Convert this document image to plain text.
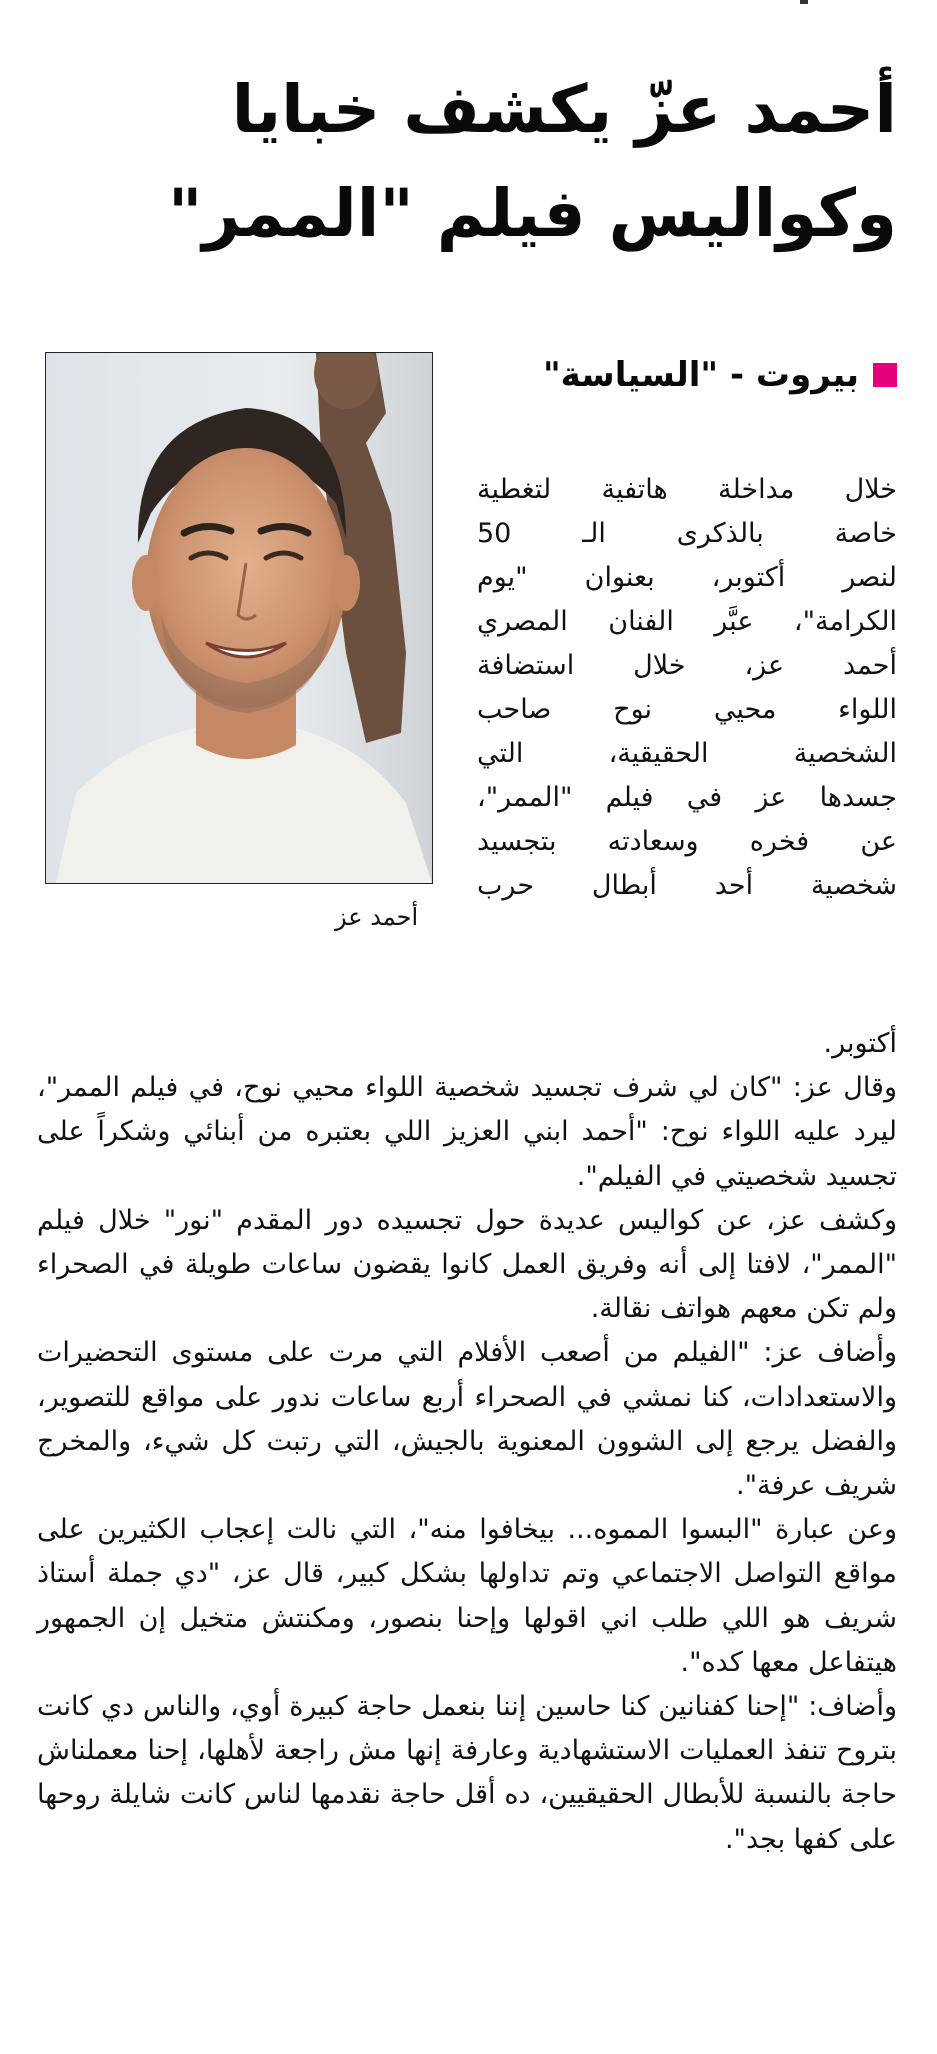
أحمد عزّ يكشف خبايا وكواليس فيلم "الممر"
بيروت - "السياسة"
أحمد عز
خلال مداخلة هاتفية لتغطية
خاصة بالذكرى الـ 50
لنصر أكتوبر، بعنوان "يوم
الكرامة"، عبَّر الفنان المصري
أحمد عز، خلال استضافة
اللواء محيي نوح صاحب
الشخصية الحقيقية، التي
جسدها عز في فيلم "الممر"،
عن فخره وسعادته بتجسيد
شخصية أحد أبطال حرب

أكتوبر.

وقال عز: "كان لي شرف تجسيد شخصية اللواء محيي نوح، في فيلم الممر"، ليرد عليه اللواء نوح: "أحمد ابني العزيز اللي بعتبره من أبنائي وشكراً على تجسيد شخصيتي في الفيلم".

وكشف عز، عن كواليس عديدة حول تجسيده دور المقدم "نور" خلال فيلم "الممر"، لافتا إلى أنه وفريق العمل كانوا يقضون ساعات طويلة في الصحراء ولم تكن معهم هواتف نقالة.

وأضاف عز: "الفيلم من أصعب الأفلام التي مرت على مستوى التحضيرات والاستعدادات، كنا نمشي في الصحراء أربع ساعات ندور على مواقع للتصوير، والفضل يرجع إلى الشوون المعنوية بالجيش، التي رتبت كل شيء، والمخرج شريف عرفة".

وعن عبارة "البسوا المموه... بيخافوا منه"، التي نالت إعجاب الكثيرين على مواقع التواصل الاجتماعي وتم تداولها بشكل كبير، قال عز، "دي جملة أستاذ شريف هو اللي طلب اني اقولها وإحنا بنصور، ومكنتش متخيل إن الجمهور هيتفاعل معها كده".

وأضاف: "إحنا كفنانين كنا حاسين إننا بنعمل حاجة كبيرة أوي، والناس دي كانت بتروح تنفذ العمليات الاستشهادية وعارفة إنها مش راجعة لأهلها، إحنا معملناش حاجة بالنسبة للأبطال الحقيقيين، ده أقل حاجة نقدمها لناس كانت شايلة روحها على كفها بجد".
